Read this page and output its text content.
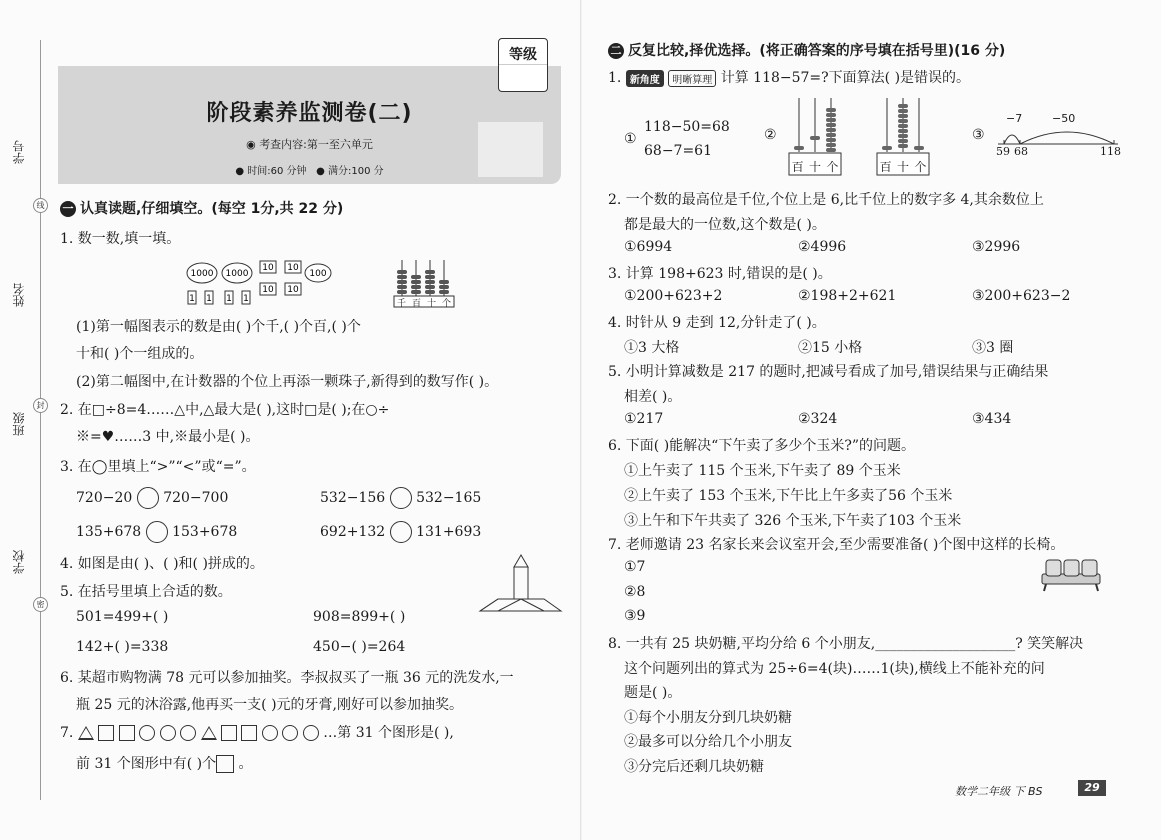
学号
姓名
班级
学校
线
封
密
阶段素养监测卷(二)
◉ 考查内容:第一至六单元
● 时间:60 分钟   ● 满分:100 分
等级
一 认真读题,仔细填空。(每空 1分,共 22 分)
1. 数一数,填一填。
1000 1000
10 10
100
10 10
1 1 1 1	千 百 十 个
(1)第一幅图表示的数是由( )个千,( )个百,( )个
十和( )个一组成的。
(2)第二幅图中,在计数器的个位上再添一颗珠子,新得到的数写作( )。
2. 在□÷8=4……△中,△最大是( ),这时□是( );在○÷
※=♥……3 中,※最小是( )。
3. 在◯里填上“>”“<”或“=”。
720−20 720−700	532−156 532−165
135+678 153+678	692+132 131+693
4. 如图是由( )、( )和( )拼成的。
5. 在括号里填上合适的数。
501=499+( )	908=899+( )
142+( )=338	450−( )=264
6. 某超市购物满 78 元可以参加抽奖。李叔叔买了一瓶 36 元的洗发水,一
瓶 25 元的沐浴露,他再买一支( )元的牙膏,刚好可以参加抽奖。
7.	…第 31 个图形是( ),
前 31 个图形中有( )个 。
二 反复比较,择优选择。(将正确答案的序号填在括号里)(16 分)
1. 新角度 明晰算理 计算 118−57=?下面算法( )是错误的。
①
118−50=68
68−7=61
②
百 十 个	百 十 个
③
−7	−50
59 68	118
2. 一个数的最高位是千位,个位上是 6,比千位上的数字多 4,其余数位上
都是最大的一位数,这个数是( )。
①6994	②4996	③2996
3. 计算 198+623 时,错误的是( )。
①200+623+2	②198+2+621	③200+623−2
4. 时针从 9 走到 12,分针走了( )。
①3 大格	②15 小格	③3 圈
5. 小明计算减数是 217 的题时,把减号看成了加号,错误结果与正确结果
相差( )。
①217	②324	③434
6. 下面( )能解决“下午卖了多少个玉米?”的问题。
①上午卖了 115 个玉米,下午卖了 89 个玉米
②上午卖了 153 个玉米,下午比上午多卖了56 个玉米
③上午和下午共卖了 326 个玉米,下午卖了103 个玉米
7. 老师邀请 23 名家长来会议室开会,至少需要准备( )个图中这样的长椅。
①7
②8
③9
8. 一共有 25 块奶糖,平均分给 6 个小朋友,____________________? 笑笑解决
这个问题列出的算式为 25÷6=4(块)……1(块),横线上不能补充的问
题是( )。
①每个小朋友分到几块奶糖
②最多可以分给几个小朋友
③分完后还剩几块奶糖
数学二年级 下 BS	29
